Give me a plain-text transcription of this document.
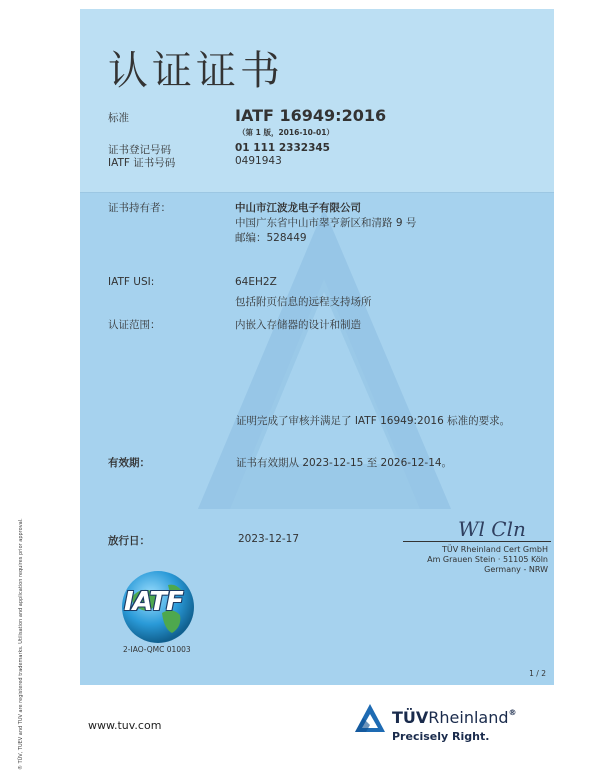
认证证书
标准	IATF 16949:2016
（第 1 版，2016-10-01）
证书登记号码	01 111 2332345
IATF 证书号码	0491943
证书持有者：	中山市江波龙电子有限公司
中国广东省中山市翠亨新区和清路 9 号
邮编：528449
IATF USI:	64EH2Z
包括附页信息的远程支持场所
认证范围：	内嵌入存储器的设计和制造
证明完成了审核并满足了 IATF 16949:2016 标准的要求。
有效期：	证书有效期从 2023-12-15 至 2026-12-14。
放行日：	2023-12-17	Wl Cln
TÜV Rheinland Cert GmbH
Am Grauen Stein · 51105 Köln
Germany - NRW
IATF
2-IAO-QMC 01003
1 / 2
® TÜV, TUEV and TUV are registered trademarks. Utilisation and application requires prior approval.	www.tuv.com	TÜVRheinland®
Precisely Right.
